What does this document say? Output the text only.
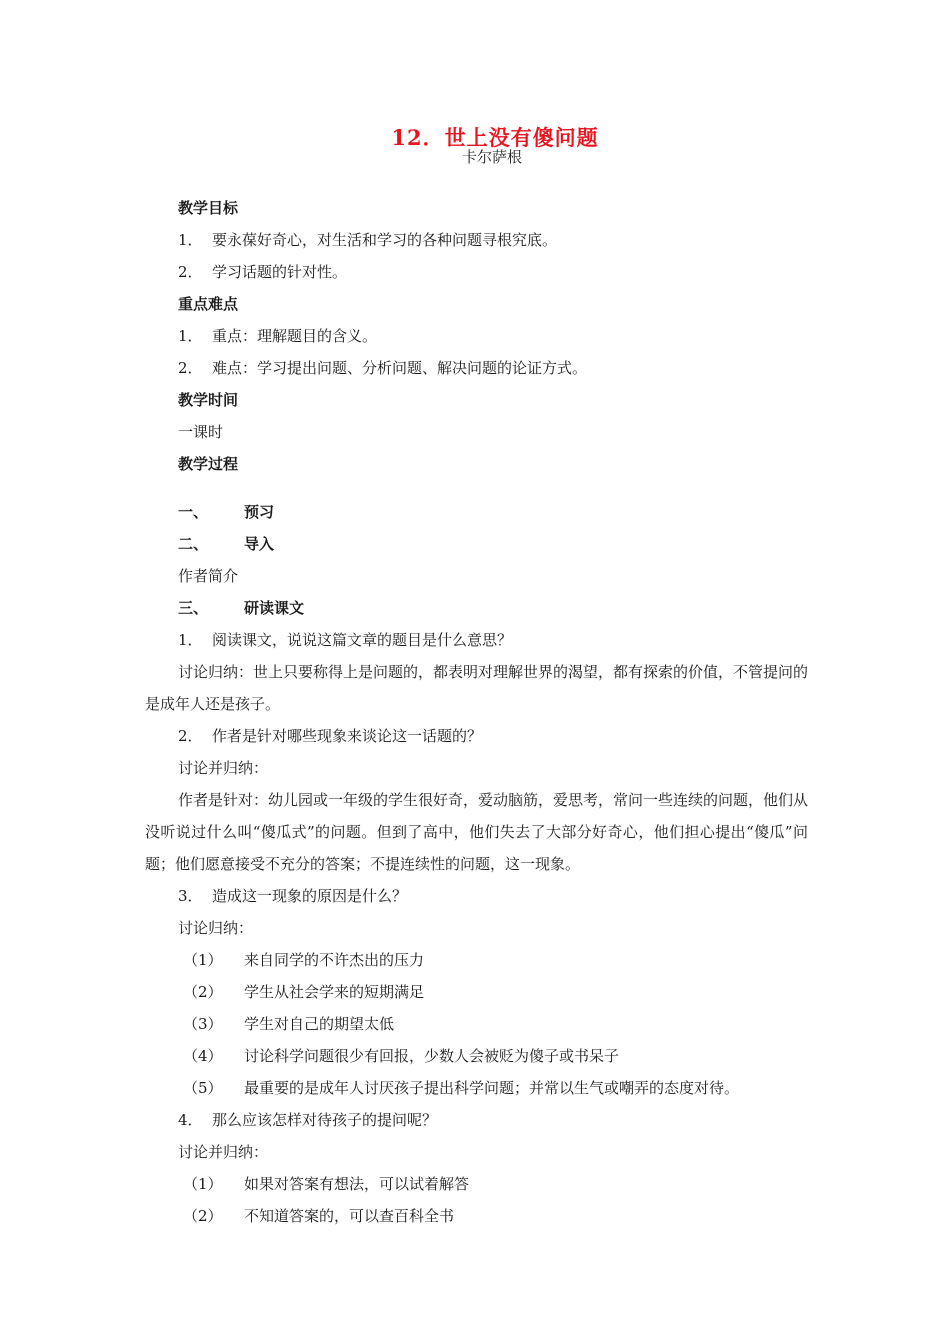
12．世上没有傻问题
卡尔萨根
教学目标
1． 要永葆好奇心，对生活和学习的各种问题寻根究底。
2． 学习话题的针对性。
重点难点
1． 重点：理解题目的含义。
2． 难点：学习提出问题、分析问题、解决问题的论证方式。
教学时间
一课时
教学过程
一、 预习
二、 导入
作者简介
三、 研读课文
1． 阅读课文，说说这篇文章的题目是什么意思？
讨论归纳：世上只要称得上是问题的，都表明对理解世界的渴望，都有探索的价值，不管提问的是成年人还是孩子。
2． 作者是针对哪些现象来谈论这一话题的？
讨论并归纳：
作者是针对：幼儿园或一年级的学生很好奇，爱动脑筋，爱思考，常问一些连续的问题，他们从没听说过什么叫“傻瓜式”的问题。但到了高中，他们失去了大部分好奇心，他们担心提出“傻瓜”问题；他们愿意接受不充分的答案；不提连续性的问题，这一现象。
3． 造成这一现象的原因是什么？
讨论归纳：
（1） 来自同学的不许杰出的压力
（2） 学生从社会学来的短期满足
（3） 学生对自己的期望太低
（4） 讨论科学问题很少有回报，少数人会被贬为傻子或书呆子
（5） 最重要的是成年人讨厌孩子提出科学问题；并常以生气或嘲弄的态度对待。
4． 那么应该怎样对待孩子的提问呢？
讨论并归纳：
（1） 如果对答案有想法，可以试着解答
（2） 不知道答案的，可以查百科全书
